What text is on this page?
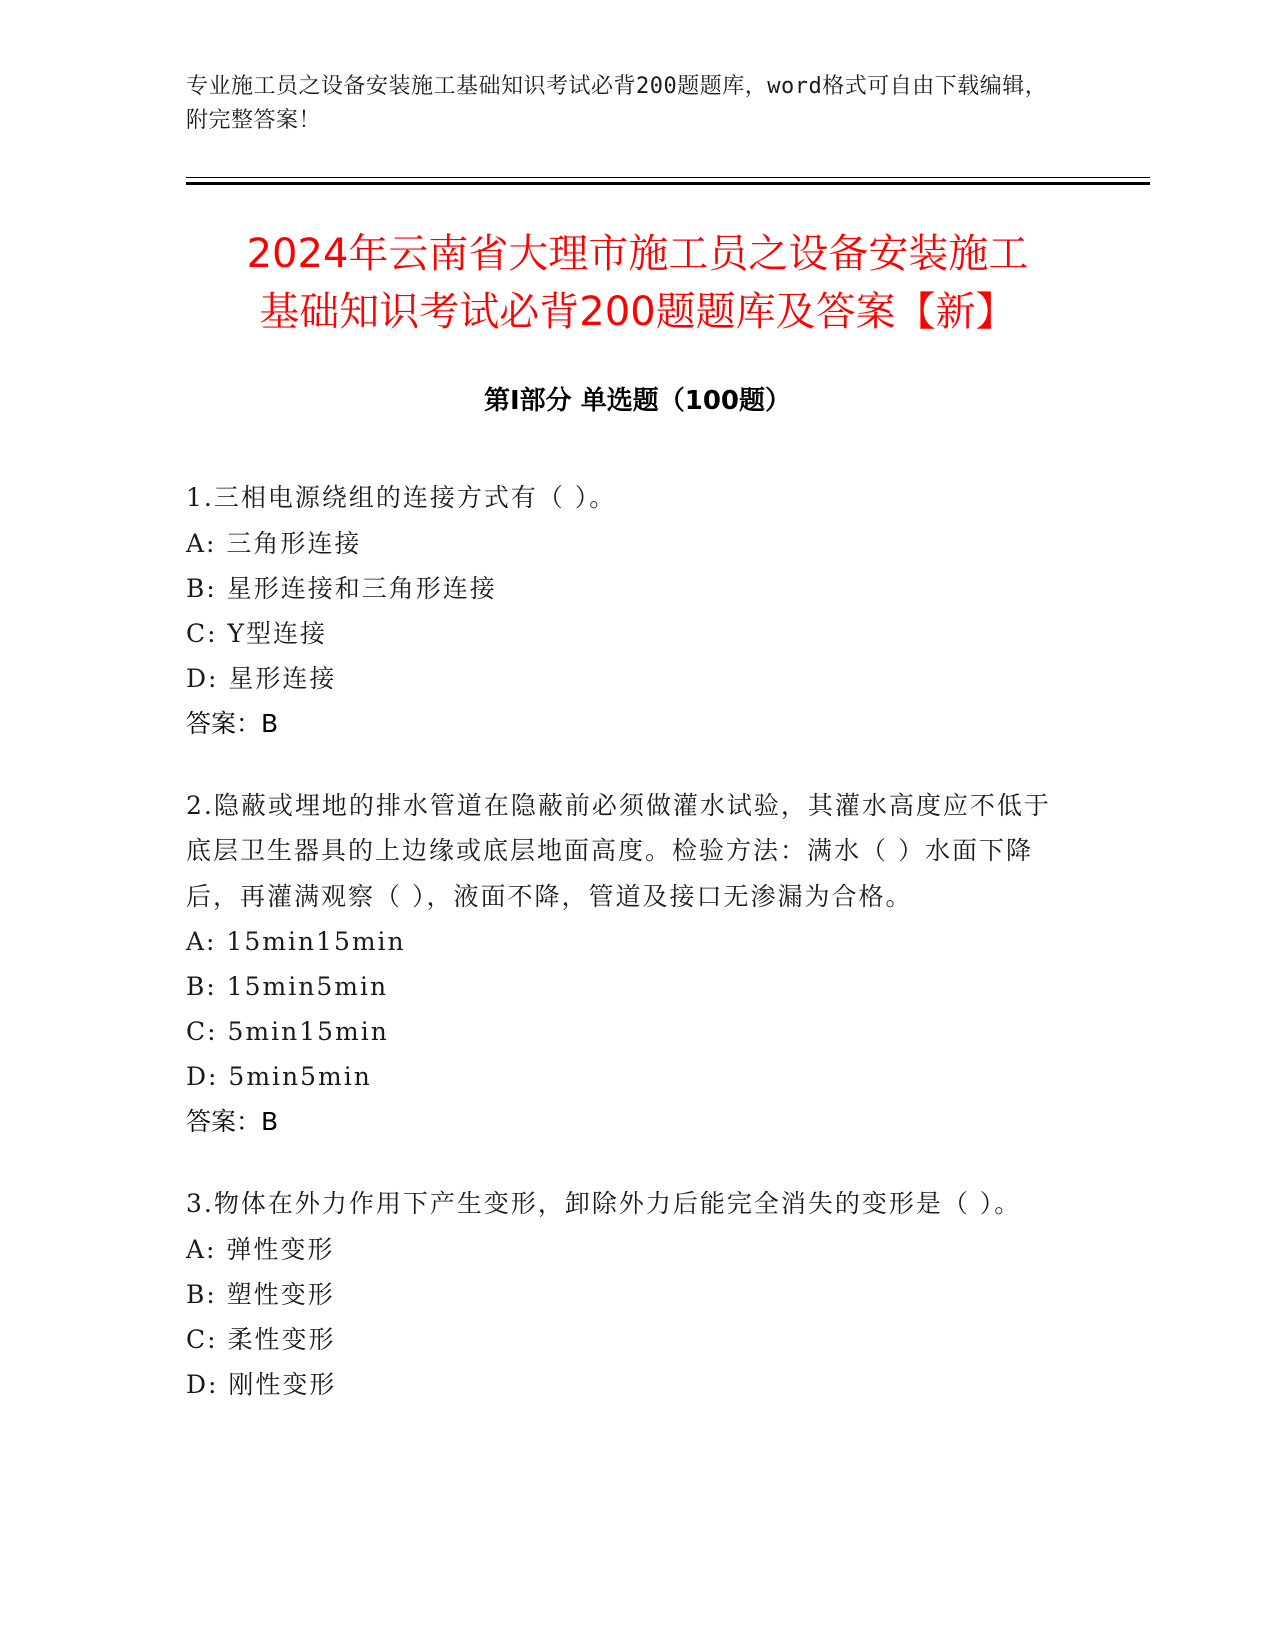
专业施工员之设备安装施工基础知识考试必背200题题库，word格式可自由下载编辑，附完整答案！
2024年云南省大理市施工员之设备安装施工
基础知识考试必背200题题库及答案【新】
第I部分 单选题（100题）

1.三相电源绕组的连接方式有（ ）。

A: 三角形连接

B: 星形连接和三角形连接

C: Y型连接

D: 星形连接

答案：B

2.隐蔽或埋地的排水管道在隐蔽前必须做灌水试验，其灌水高度应不低于底层卫生器具的上边缘或底层地面高度。检验方法：满水（ ）水面下降后，再灌满观察（ ），液面不降，管道及接口无渗漏为合格。

A: 15min15min

B: 15min5min

C: 5min15min

D: 5min5min

答案：B

3.物体在外力作用下产生变形，卸除外力后能完全消失的变形是（ ）。

A: 弹性变形

B: 塑性变形

C: 柔性变形

D: 刚性变形
